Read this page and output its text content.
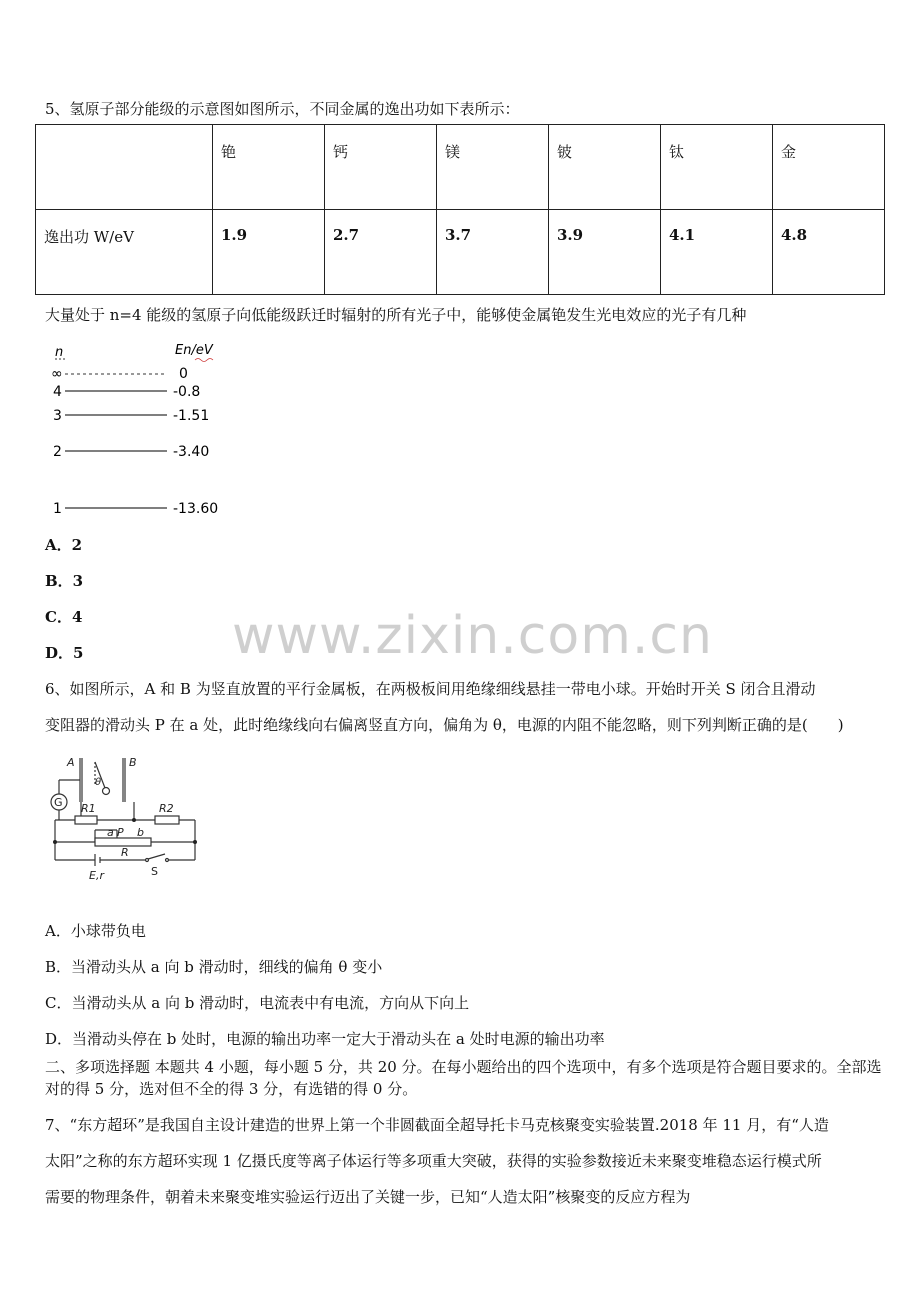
5、氢原子部分能级的示意图如图所示，不同金属的逸出功如下表所示：
	铯	钙	镁	铍	钛	金
逸出功 W/eV	1.9	2.7	3.7	3.9	4.1	4.8
大量处于 n=4 能级的氢原子向低能级跃迁时辐射的所有光子中，能够使金属铯发生光电效应的光子有几种
n	En/eV
∞	0
4	-0.8
3	-1.51
2	-3.40
1	-13.60
A．2
B．3
C．4
D．5	www.zixin.com.cn
6、如图所示，A 和 B 为竖直放置的平行金属板，在两极板间用绝缘细线悬挂一带电小球。开始时开关 S 闭合且滑动
变阻器的滑动头 P 在 a 处，此时绝缘线向右偏离竖直方向，偏角为 θ，电源的内阻不能忽略，则下列判断正确的是(　　)
A	B
θ
G R1	R2
a P b
R
E,r	S
A．小球带负电
B．当滑动头从 a 向 b 滑动时，细线的偏角 θ 变小
C．当滑动头从 a 向 b 滑动时，电流表中有电流，方向从下向上
D．当滑动头停在 b 处时，电源的输出功率一定大于滑动头在 a 处时电源的输出功率
二、多项选择题 本题共 4 小题，每小题 5 分，共 20 分。在每小题给出的四个选项中，有多个选项是符合题目要求的。全部选对的得 5 分，选对但不全的得 3 分，有选错的得 0 分。
7、“东方超环”是我国自主设计建造的世界上第一个非圆截面全超导托卡马克核聚变实验装置.2018 年 11 月，有“人造
太阳”之称的东方超环实现 1 亿摄氏度等离子体运行等多项重大突破，获得的实验参数接近未来聚变堆稳态运行模式所
需要的物理条件，朝着未来聚变堆实验运行迈出了关键一步，已知“人造太阳”核聚变的反应方程为
